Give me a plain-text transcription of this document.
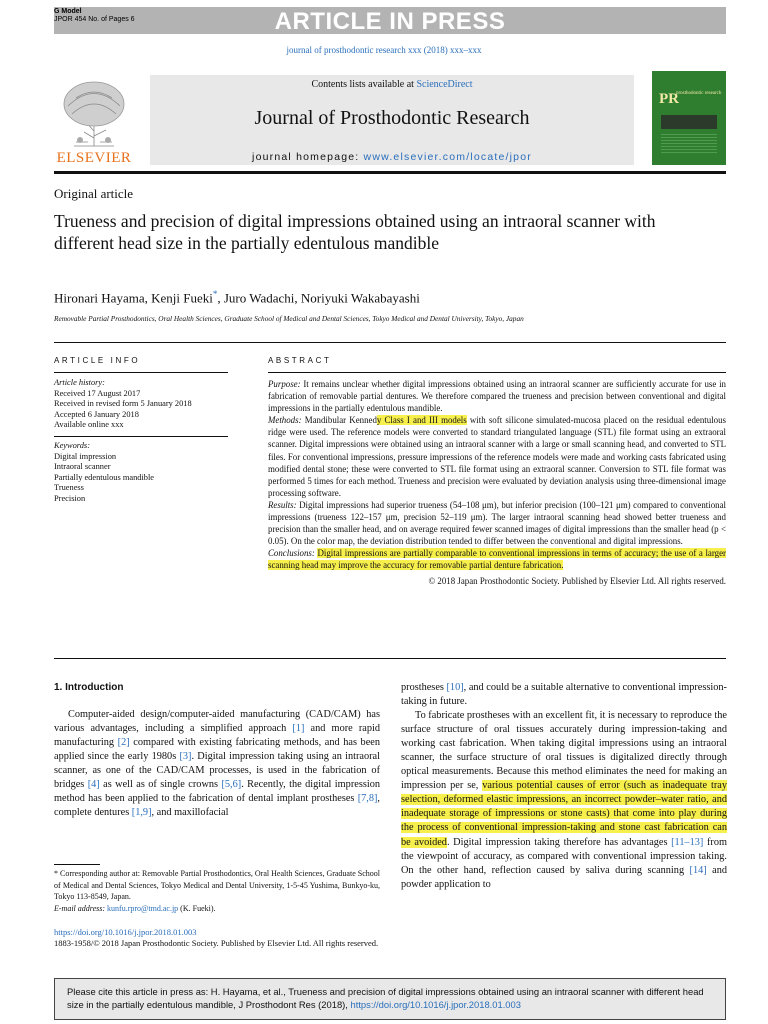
G Model
JPOR 454 No. of Pages 6	ARTICLE IN PRESS
journal of prosthodontic research xxx (2018) xxx–xxx
ELSEVIER
Contents lists available at ScienceDirect
Journal of Prosthodontic Research
journal homepage: www.elsevier.com/locate/jpor
PR
prosthodontic research
Original article
Trueness and precision of digital impressions obtained using an intraoral scanner with different head size in the partially edentulous mandible
Hironari Hayama, Kenji Fueki*, Juro Wadachi, Noriyuki Wakabayashi
Removable Partial Prosthodontics, Oral Health Sciences, Graduate School of Medical and Dental Sciences, Tokyo Medical and Dental University, Tokyo, Japan
ARTICLE INFO
Article history:
Received 17 August 2017
Received in revised form 5 January 2018
Accepted 6 January 2018
Available online xxx
Keywords:
Digital impression
Intraoral scanner
Partially edentulous mandible
Trueness
Precision
ABSTRACT

Purpose: It remains unclear whether digital impressions obtained using an intraoral scanner are sufficiently accurate for use in fabrication of removable partial dentures. We therefore compared the trueness and precision between conventional and digital impressions in the partially edentulous mandible.

Methods: Mandibular Kennedy Class I and III models with soft silicone simulated-mucosa placed on the residual edentulous ridge were used. The reference models were converted to standard triangulated language (STL) file format using an extraoral scanner. Digital impressions were obtained using an intraoral scanner with a large or small scanning head, and converted to STL files. For conventional impressions, pressure impressions of the reference models were made and working casts fabricated using modified dental stone; these were converted to STL file format using an extraoral scanner. Conversion to STL file format was performed 5 times for each method. Trueness and precision were evaluated by deviation analysis using three-dimensional image processing software.

Results: Digital impressions had superior trueness (54–108 μm), but inferior precision (100–121 μm) compared to conventional impressions (trueness 122–157 μm, precision 52–119 μm). The larger intraoral scanning head showed better trueness and precision than the smaller head, and on average required fewer scanned images of digital impressions than the smaller head (p < 0.05). On the color map, the deviation distribution tended to differ between the conventional and digital impressions.

Conclusions: Digital impressions are partially comparable to conventional impressions in terms of accuracy; the use of a larger scanning head may improve the accuracy for removable partial denture fabrication.

© 2018 Japan Prosthodontic Society. Published by Elsevier Ltd. All rights reserved.

1. Introduction

Computer-aided design/computer-aided manufacturing (CAD/CAM) has various advantages, including a simplified approach [1] and more rapid manufacturing [2] compared with existing fabricating methods, and has been applied since the early 1980s [3]. Digital impression taking using an intraoral scanner, as one of the CAD/CAM processes, is used in the fabrication of bridges [4] as well as of single crowns [5,6]. Recently, the digital impression method has been applied to the fabrication of dental implant prostheses [7,8], complete dentures [1,9], and maxillofacial

prostheses [10], and could be a suitable alternative to conventional impression-taking in future.

To fabricate prostheses with an excellent fit, it is necessary to reproduce the surface structure of oral tissues accurately during impression-taking and working cast fabrication. When taking digital impressions using an intraoral scanner, the surface structure of oral tissues is digitalized directly through optical measurements. Because this method eliminates the need for making an impression per se, various potential causes of error (such as inadequate tray selection, deformed elastic impressions, an incorrect powder–water ratio, and inadequate storage of impressions or stone casts) that come into play during the process of conventional impression-taking and stone cast fabrication can be avoided. Digital impression taking therefore has advantages [11–13] from the viewpoint of accuracy, as compared with conventional impression taking. On the other hand, reflection caused by saliva during scanning [14] and powder application to

* Corresponding author at: Removable Partial Prosthodontics, Oral Health Sciences, Graduate School of Medical and Dental Sciences, Tokyo Medical and Dental University, 1-5-45 Yushima, Bunkyo-ku, Tokyo 113-8549, Japan.

E-mail address: kunfu.rpro@tmd.ac.jp (K. Fueki).

https://doi.org/10.1016/j.jpor.2018.01.003
1883-1958/© 2018 Japan Prosthodontic Society. Published by Elsevier Ltd. All rights reserved.
Please cite this article in press as: H. Hayama, et al., Trueness and precision of digital impressions obtained using an intraoral scanner with different head size in the partially edentulous mandible, J Prosthodont Res (2018), https://doi.org/10.1016/j.jpor.2018.01.003
